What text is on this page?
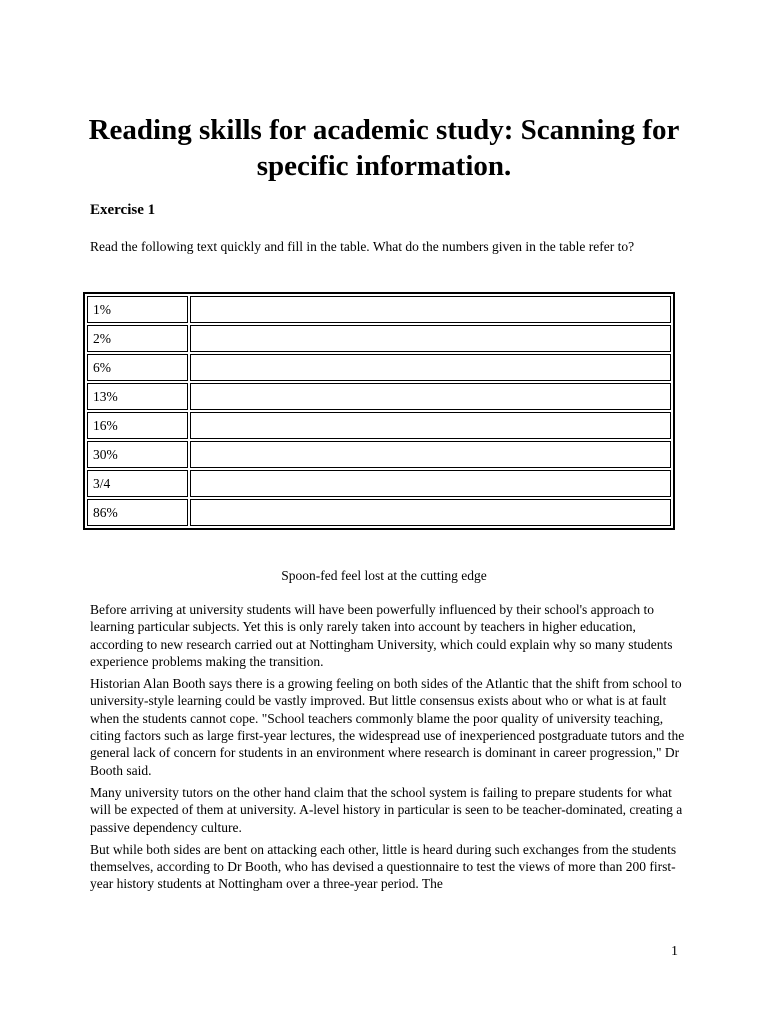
Reading skills for academic study: Scanning for specific information.

Exercise 1

Read the following text quickly and fill in the table. What do the numbers given in the table refer to?

1%	
2%	
6%	
13%	
16%	
30%	
3/4	
86%	

Spoon-fed feel lost at the cutting edge

Before arriving at university students will have been powerfully influenced by their school's approach to learning particular subjects. Yet this is only rarely taken into account by teachers in higher education, according to new research carried out at Nottingham University, which could explain why so many students experience problems making the transition.

Historian Alan Booth says there is a growing feeling on both sides of the Atlantic that the shift from school to university-style learning could be vastly improved. But little consensus exists about who or what is at fault when the students cannot cope. "School teachers commonly blame the poor quality of university teaching, citing factors such as large first-year lectures, the widespread use of inexperienced postgraduate tutors and the general lack of concern for students in an environment where research is dominant in career progression," Dr Booth said.

Many university tutors on the other hand claim that the school system is failing to prepare students for what will be expected of them at university. A-level history in particular is seen to be teacher-dominated, creating a passive dependency culture.

But while both sides are bent on attacking each other, little is heard during such exchanges from the students themselves, according to Dr Booth, who has devised a questionnaire to test the views of more than 200 first-year history students at Nottingham over a three-year period. The

1
